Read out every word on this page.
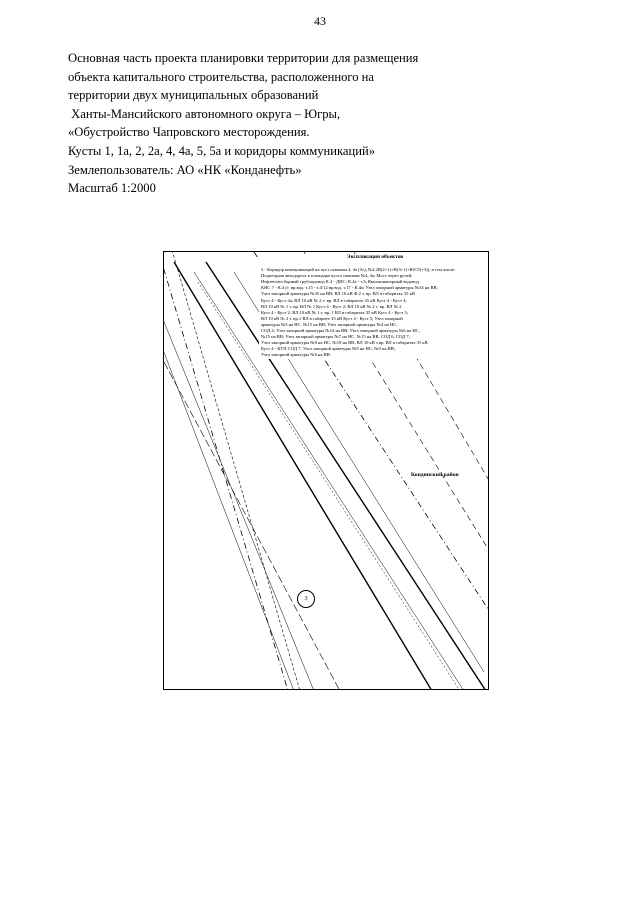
43
Основная часть проекта планировки территории для размещения
объекта капитального строительства, расположенного на
территории двух муниципальных образований
Ханты-Мансийского автономного округа – Югры,
«Обустройство Чапровского месторождения.
Кусты 1, 1а, 2, 2а, 4, 4а, 5, 5а и коридоры коммуникаций»
Землепользователь: АО «НК «Конданефть»
Масштаб 1:2000
Экспликация объектов
3 - Коридор коммуникаций на куст скважин 4, 4а (А/д №2.2B(2+1)+B(3+1)+ЮС5(+3)), в том числе:
Подъездная автодорога к площадке куста скважин №4, 4а; Мост через ручей;
Нефтегазосборный трубопровод К.4 - ДНС; К.4а - т.3; Высоконапорный водовод
КНС 7 - К.4 (т. вр.вод. т.15 - т.4/12 вр.вод. т.17 - К.4а; Узел запорной арматуры №34 на ВВ;
Узел запорной арматуры №35 на ВВ; ВЛ 10 кВ Ф.2 т. вр. ВЛ в габаритах 35 кВ
Куст 4 - Куст 4а; ВЛ 10 кВ № 2 т. вр. ВЛ в габаритах 35 кВ Куст 4 - Куст 4;
ВЛ 10 кВ № 1 т. вр. ВЛ № 1 Куст 4 - Куст 2; ВЛ 10 кВ № 2 т. вр. ВЛ № 2
Куст 4 - Куст 2; ВЛ 10 кВ № 1 т. вр. 1 ВЛ в габаритах 35 кВ Куст 4 - Куст 5;
ВЛ 10 кВ № 2 т. вр.1 ВЛ в габарите 35 кВ Куст 4 - Куст 5; Узел запорной
арматуры №5 на НС, №15 на ВВ; Узел запорной арматуры №4 на НС,
СОД 4; Узел запорной арматуры №14 на ВВ; Узел запорной арматуры №6 на НС,
№15 на ВВ; Узел запорной арматуры №7 на НС, №15 на ВВ, СОД 6, СОД 7;
Узел запорной арматуры №8 на НС, №19 на ВВ; ВЛ 10 кВ т.вр. ВЛ в габаритах 35 кВ
Куст 4 - КТП СОД 7; Узел запорной арматуры №9 на НС, №9 на ВВ;
Узел запорной арматуры №6 на ВВ.
Кондинский район
3
